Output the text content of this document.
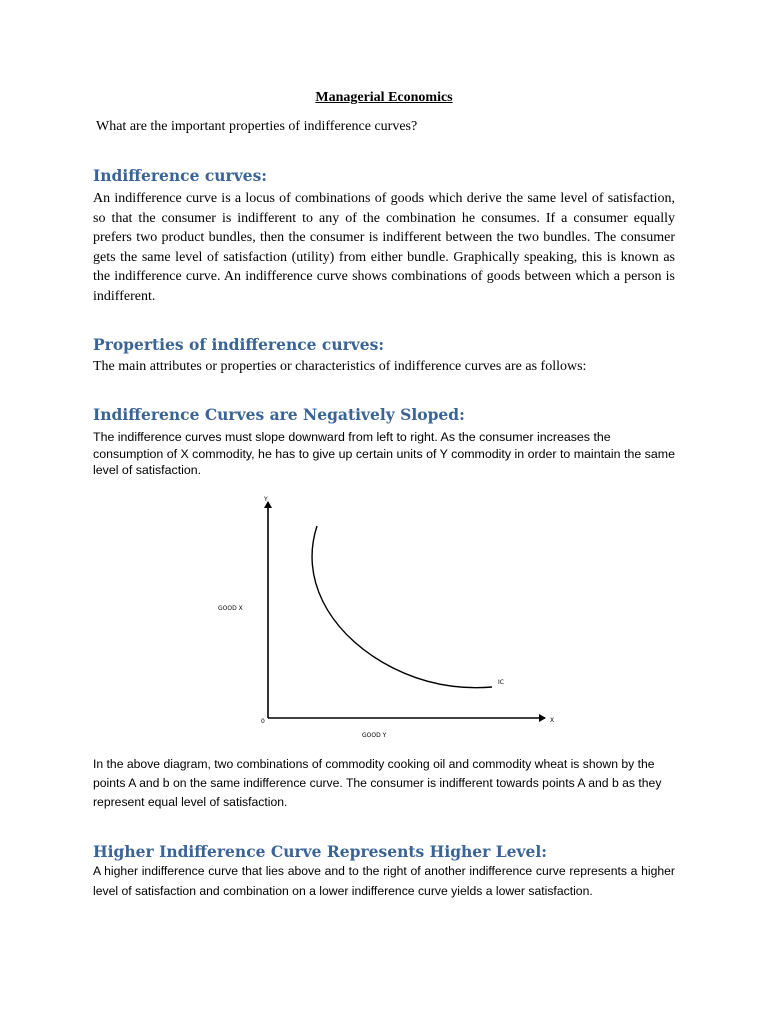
Managerial Economics
What are the important properties of indifference curves?
Indifference curves:
An indifference curve is a locus of combinations of goods which derive the same level of satisfaction, so that the consumer is indifferent to any of the combination he consumes. If a consumer equally prefers two product bundles, then the consumer is indifferent between the two bundles. The consumer gets the same level of satisfaction (utility) from either bundle. Graphically speaking, this is known as the indifference curve. An indifference curve shows combinations of goods between which a person is indifferent.
Properties of indifference curves:
The main attributes or properties or characteristics of indifference curves are as follows:
Indifference Curves are Negatively Sloped:
The indifference curves must slope downward from left to right. As the consumer increases the consumption of X commodity, he has to give up certain units of Y commodity in order to maintain the same level of satisfaction.
Y
X
0
GOOD X
GOOD Y
IC
In the above diagram, two combinations of commodity cooking oil and commodity wheat is shown by the points A and b on the same indifference curve. The consumer is indifferent towards points A and b as they represent equal level of satisfaction.
Higher Indifference Curve Represents Higher Level:
A higher indifference curve that lies above and to the right of another indifference curve represents a higher level of satisfaction and combination on a lower indifference curve yields a lower satisfaction.
